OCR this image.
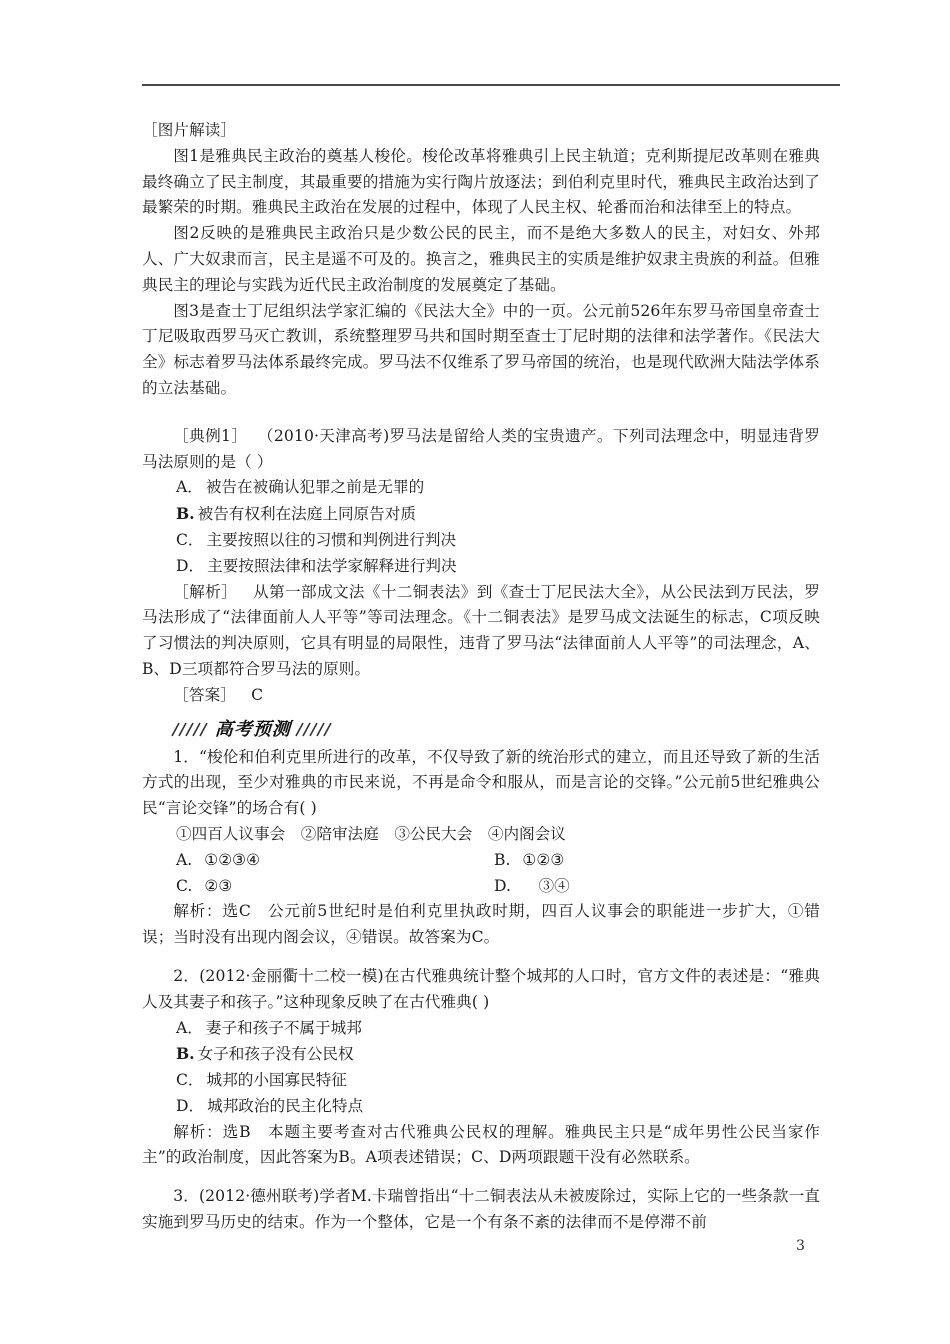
［图片解读］

图1是雅典民主政治的奠基人梭伦。梭伦改革将雅典引上民主轨道；克利斯提尼改革则在雅典最终确立了民主制度，其最重要的措施为实行陶片放逐法；到伯利克里时代，雅典民主政治达到了最繁荣的时期。雅典民主政治在发展的过程中，体现了人民主权、轮番而治和法律至上的特点。

图2反映的是雅典民主政治只是少数公民的民主，而不是绝大多数人的民主，对妇女、外邦人、广大奴隶而言，民主是遥不可及的。换言之，雅典民主的实质是维护奴隶主贵族的利益。但雅典民主的理论与实践为近代民主政治制度的发展奠定了基础。

图3是查士丁尼组织法学家汇编的《民法大全》中的一页。公元前526年东罗马帝国皇帝查士丁尼吸取西罗马灭亡教训，系统整理罗马共和国时期至查士丁尼时期的法律和法学著作。《民法大全》标志着罗马法体系最终完成。罗马法不仅维系了罗马帝国的统治，也是现代欧洲大陆法学体系的立法基础。

［典例1］ （2010·天津高考)罗马法是留给人类的宝贵遗产。下列司法理念中，明显违背罗马法原则的是（ ）

A． 被告在被确认犯罪之前是无罪的
B. 被告有权利在法庭上同原告对质
C． 主要按照以往的习惯和判例进行判决
D． 主要按照法律和法学家解释进行判决

［解析］ 从第一部成文法《十二铜表法》到《查士丁尼民法大全》，从公民法到万民法，罗马法形成了“法律面前人人平等”等司法理念。《十二铜表法》是罗马成文法诞生的标志，C项反映了习惯法的判决原则，它具有明显的局限性，违背了罗马法“法律面前人人平等”的司法理念，A、B、D三项都符合罗马法的原则。

［答案］ C

高考预测

1．“梭伦和伯利克里所进行的改革，不仅导致了新的统治形式的建立，而且还导致了新的生活方式的出现，至少对雅典的市民来说，不再是命令和服从，而是言论的交锋。”公元前5世纪雅典公民“言论交锋”的场合有( )

①四百人议事会　②陪审法庭　③公民大会　④内阁会议
A. ①②③④	B. ①②③
C. ②③	D.　③④

解析：选C　公元前5世纪时是伯利克里执政时期，四百人议事会的职能进一步扩大，①错误；当时没有出现内阁会议，④错误。故答案为C。

2．(2012·金丽衢十二校一模)在古代雅典统计整个城邦的人口时，官方文件的表述是：“雅典人及其妻子和孩子。”这种现象反映了在古代雅典( )

A． 妻子和孩子不属于城邦
B. 女子和孩子没有公民权
C． 城邦的小国寡民特征
D． 城邦政治的民主化特点

解析：选B　本题主要考查对古代雅典公民权的理解。雅典民主只是“成年男性公民当家作主”的政治制度，因此答案为B。A项表述错误；C、D两项跟题干没有必然联系。

3．(2012·德州联考)学者M.卡瑞曾指出“十二铜表法从未被废除过，实际上它的一些条款一直实施到罗马历史的结束。作为一个整体，它是一个有条不紊的法律而不是停滞不前

3
